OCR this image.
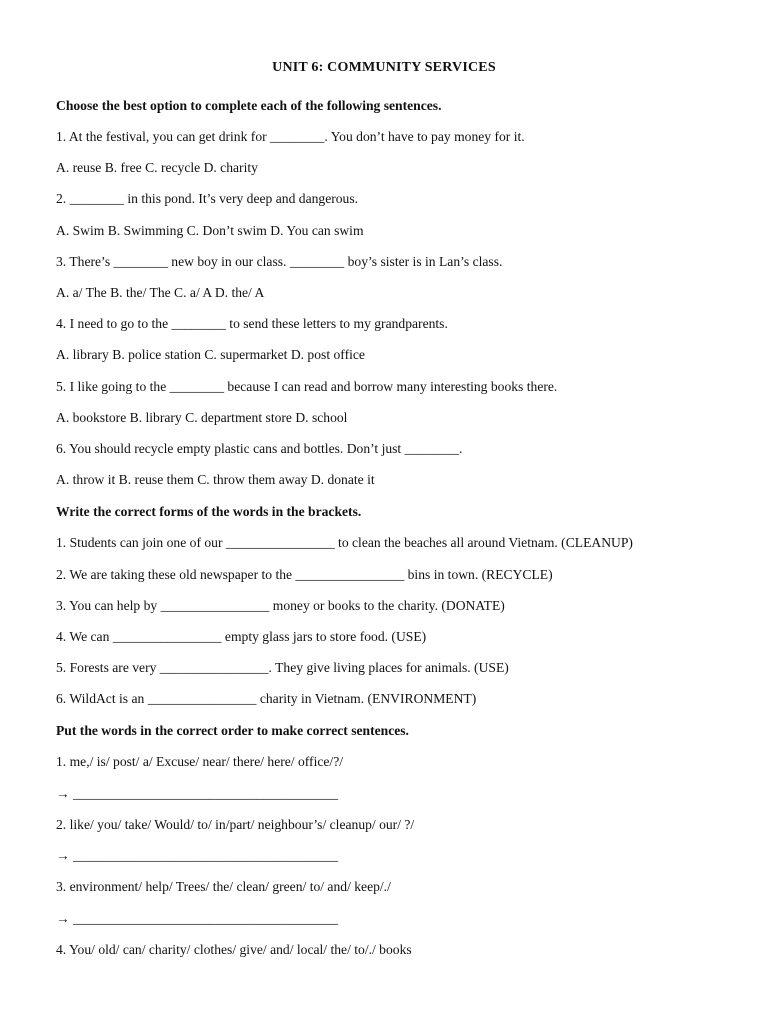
UNIT 6: COMMUNITY SERVICES
Choose the best option to complete each of the following sentences.
1. At the festival, you can get drink for ________. You don’t have to pay money for it.
A. reuse B. free C. recycle D. charity
2. ________ in this pond. It’s very deep and dangerous.
A. Swim B. Swimming C. Don’t swim D. You can swim
3. There’s ________ new boy in our class. ________ boy’s sister is in Lan’s class.
A. a/ The B. the/ The C. a/ A D. the/ A
4. I need to go to the ________ to send these letters to my grandparents.
A. library B. police station C. supermarket D. post office
5. I like going to the ________ because I can read and borrow many interesting books there.
A. bookstore B. library C. department store D. school
6. You should recycle empty plastic cans and bottles. Don’t just ________.
A. throw it B. reuse them C. throw them away D. donate it
Write the correct forms of the words in the brackets.
1. Students can join one of our ________________ to clean the beaches all around Vietnam. (CLEANUP)
2. We are taking these old newspaper to the ________________ bins in town. (RECYCLE)
3. You can help by ________________ money or books to the charity. (DONATE)
4. We can ________________ empty glass jars to store food. (USE)
5. Forests are very ________________. They give living places for animals. (USE)
6. WildAct is an ________________ charity in Vietnam. (ENVIRONMENT)
Put the words in the correct order to make correct sentences.
1. me,/ is/ post/ a/ Excuse/ near/ there/ here/ office/?/
→ _______________________________________
2. like/ you/ take/ Would/ to/ in/part/ neighbour’s/ cleanup/ our/ ?/
→ _______________________________________
3. environment/ help/ Trees/ the/ clean/ green/ to/ and/ keep/./
→ _______________________________________
4. You/ old/ can/ charity/ clothes/ give/ and/ local/ the/ to/./ books
